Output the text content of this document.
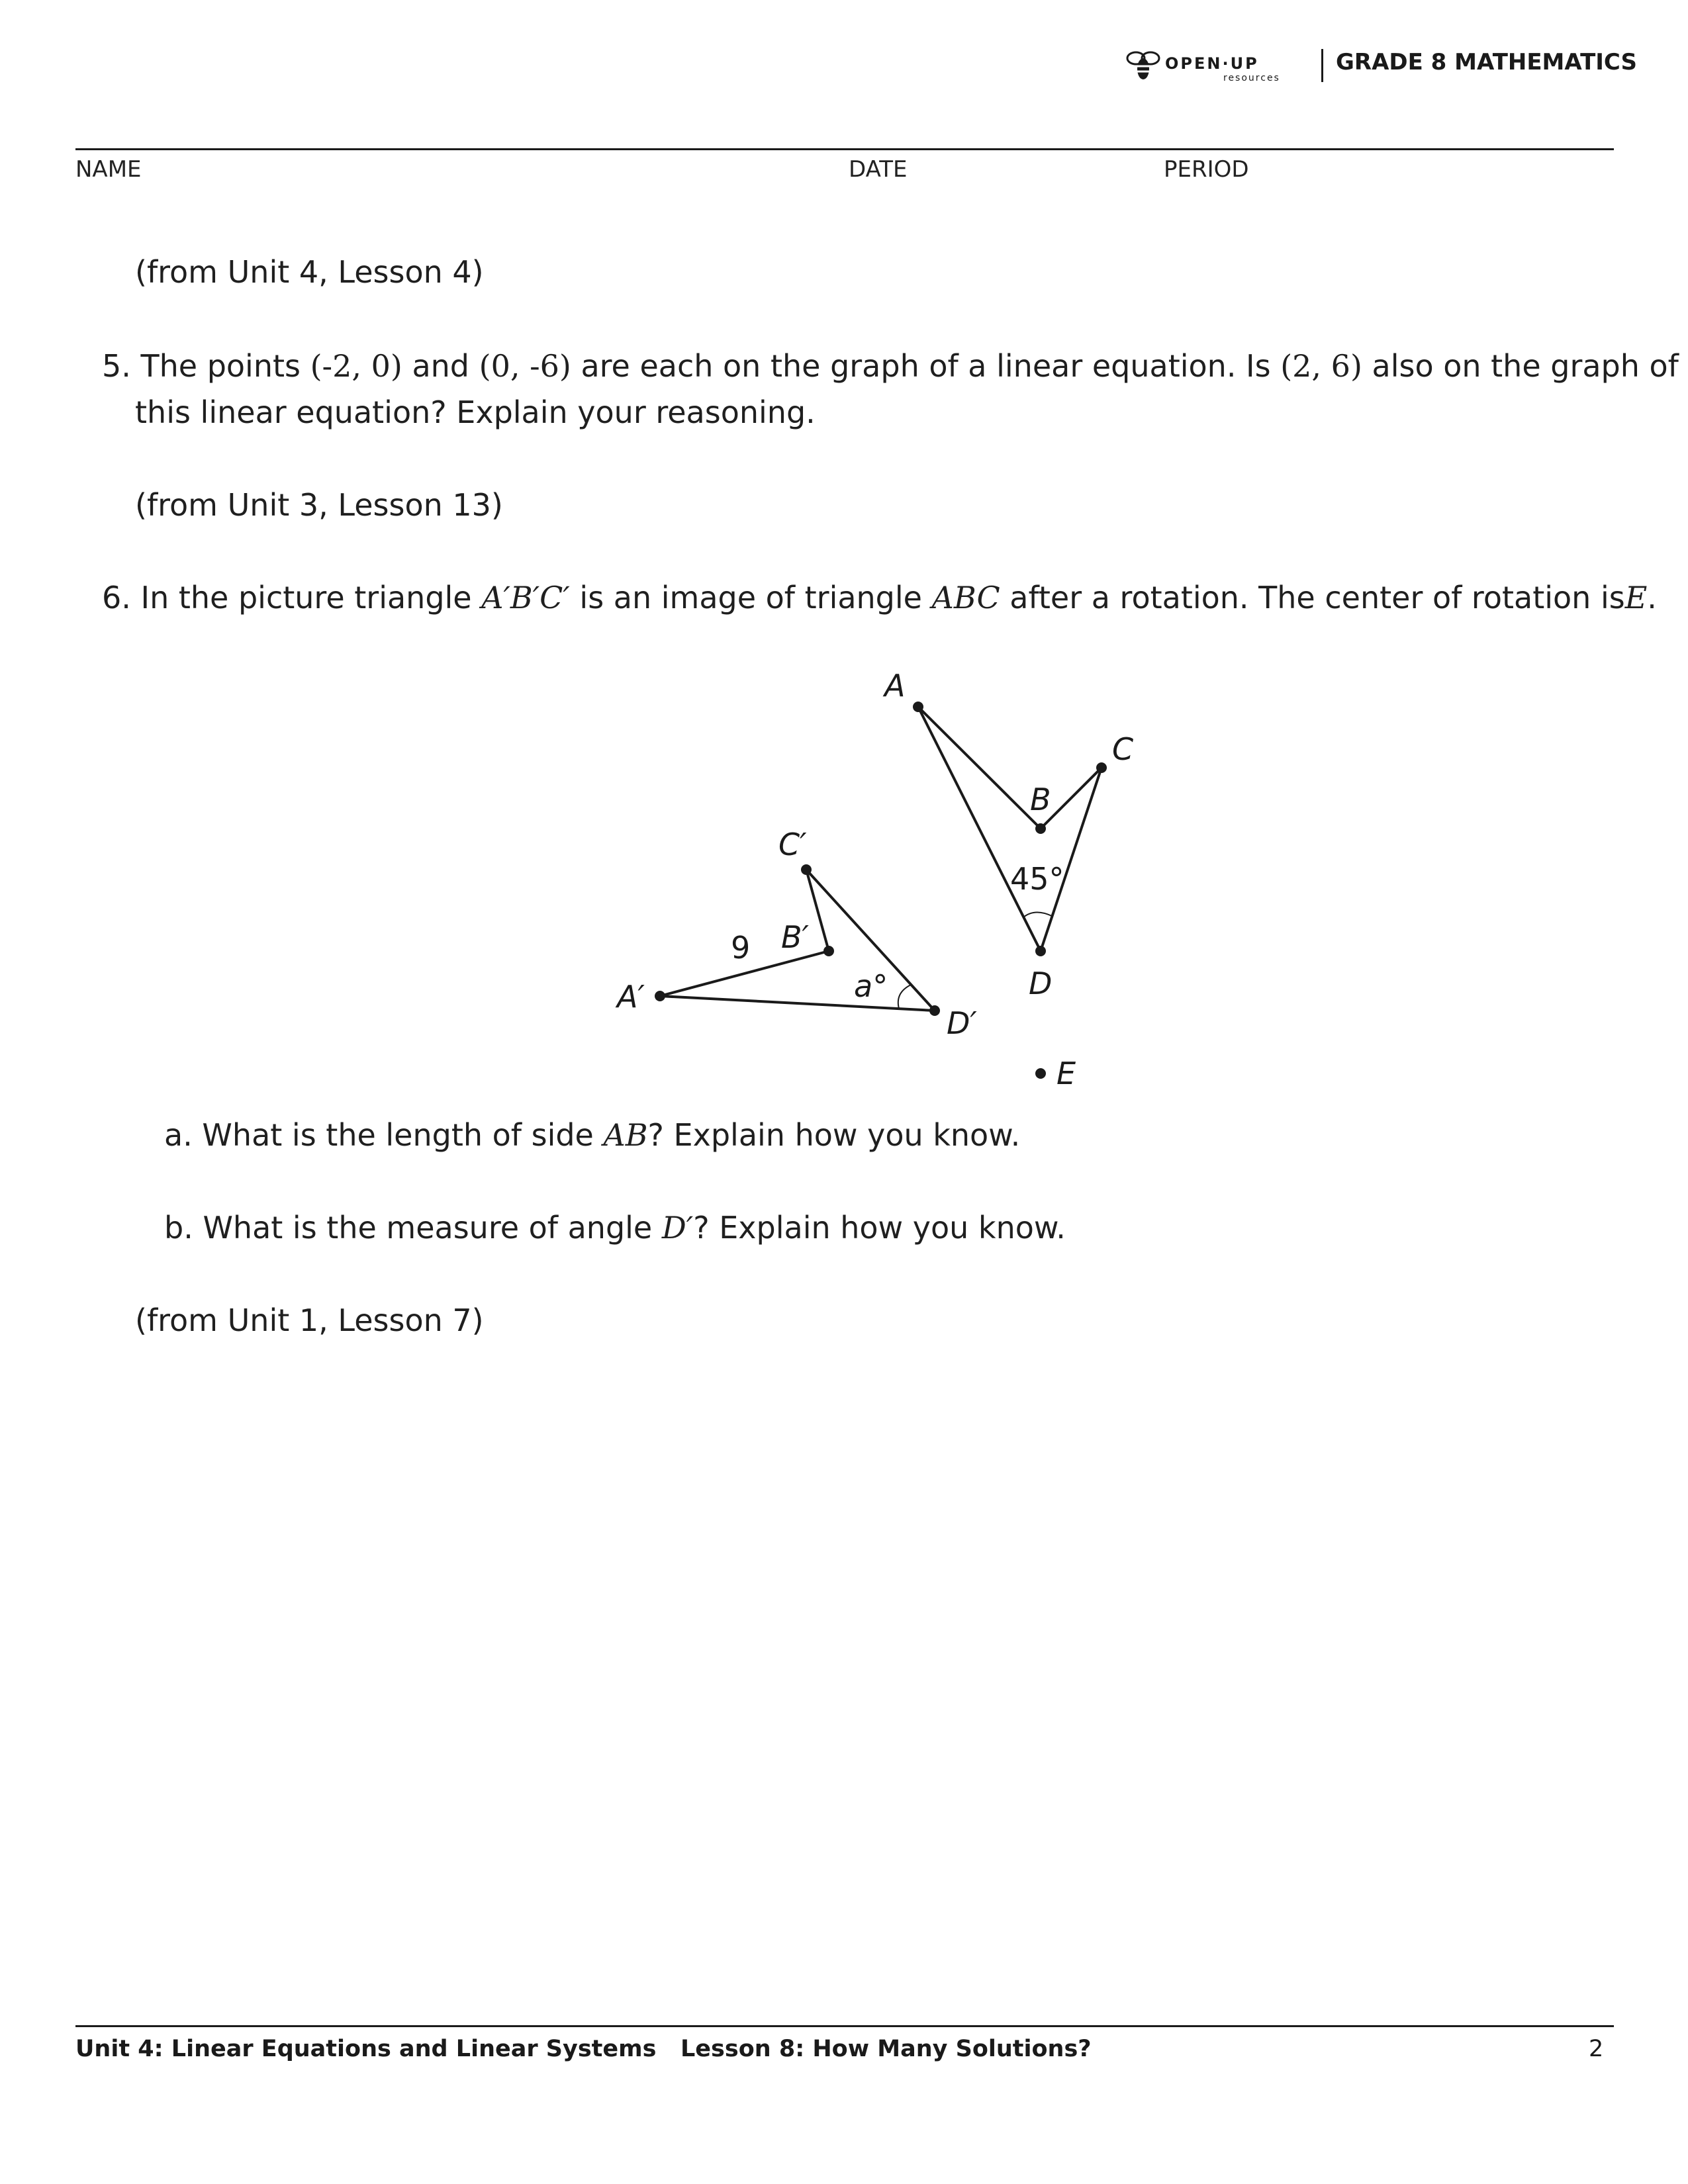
OPEN·UP
resources
GRADE 8 MATHEMATICS
NAME	DATE	PERIOD
(from Unit 4, Lesson 4)
5. The points (-2, 0) and (0, -6) are each on the graph of a linear equation. Is (2, 6) also on the graph of
this linear equation? Explain your reasoning.
(from Unit 3, Lesson 13)
6. In the picture triangle A′B′C′ is an image of triangle ABC after a rotation. The center of rotation isE.
A
B
C
D
E
A′
B′
C′
D′
9
45°
a°
a. What is the length of side AB? Explain how you know.
b. What is the measure of angle D′? Explain how you know.
(from Unit 1, Lesson 7)
Unit 4: Linear Equations and Linear Systems Lesson 8: How Many Solutions?	2
